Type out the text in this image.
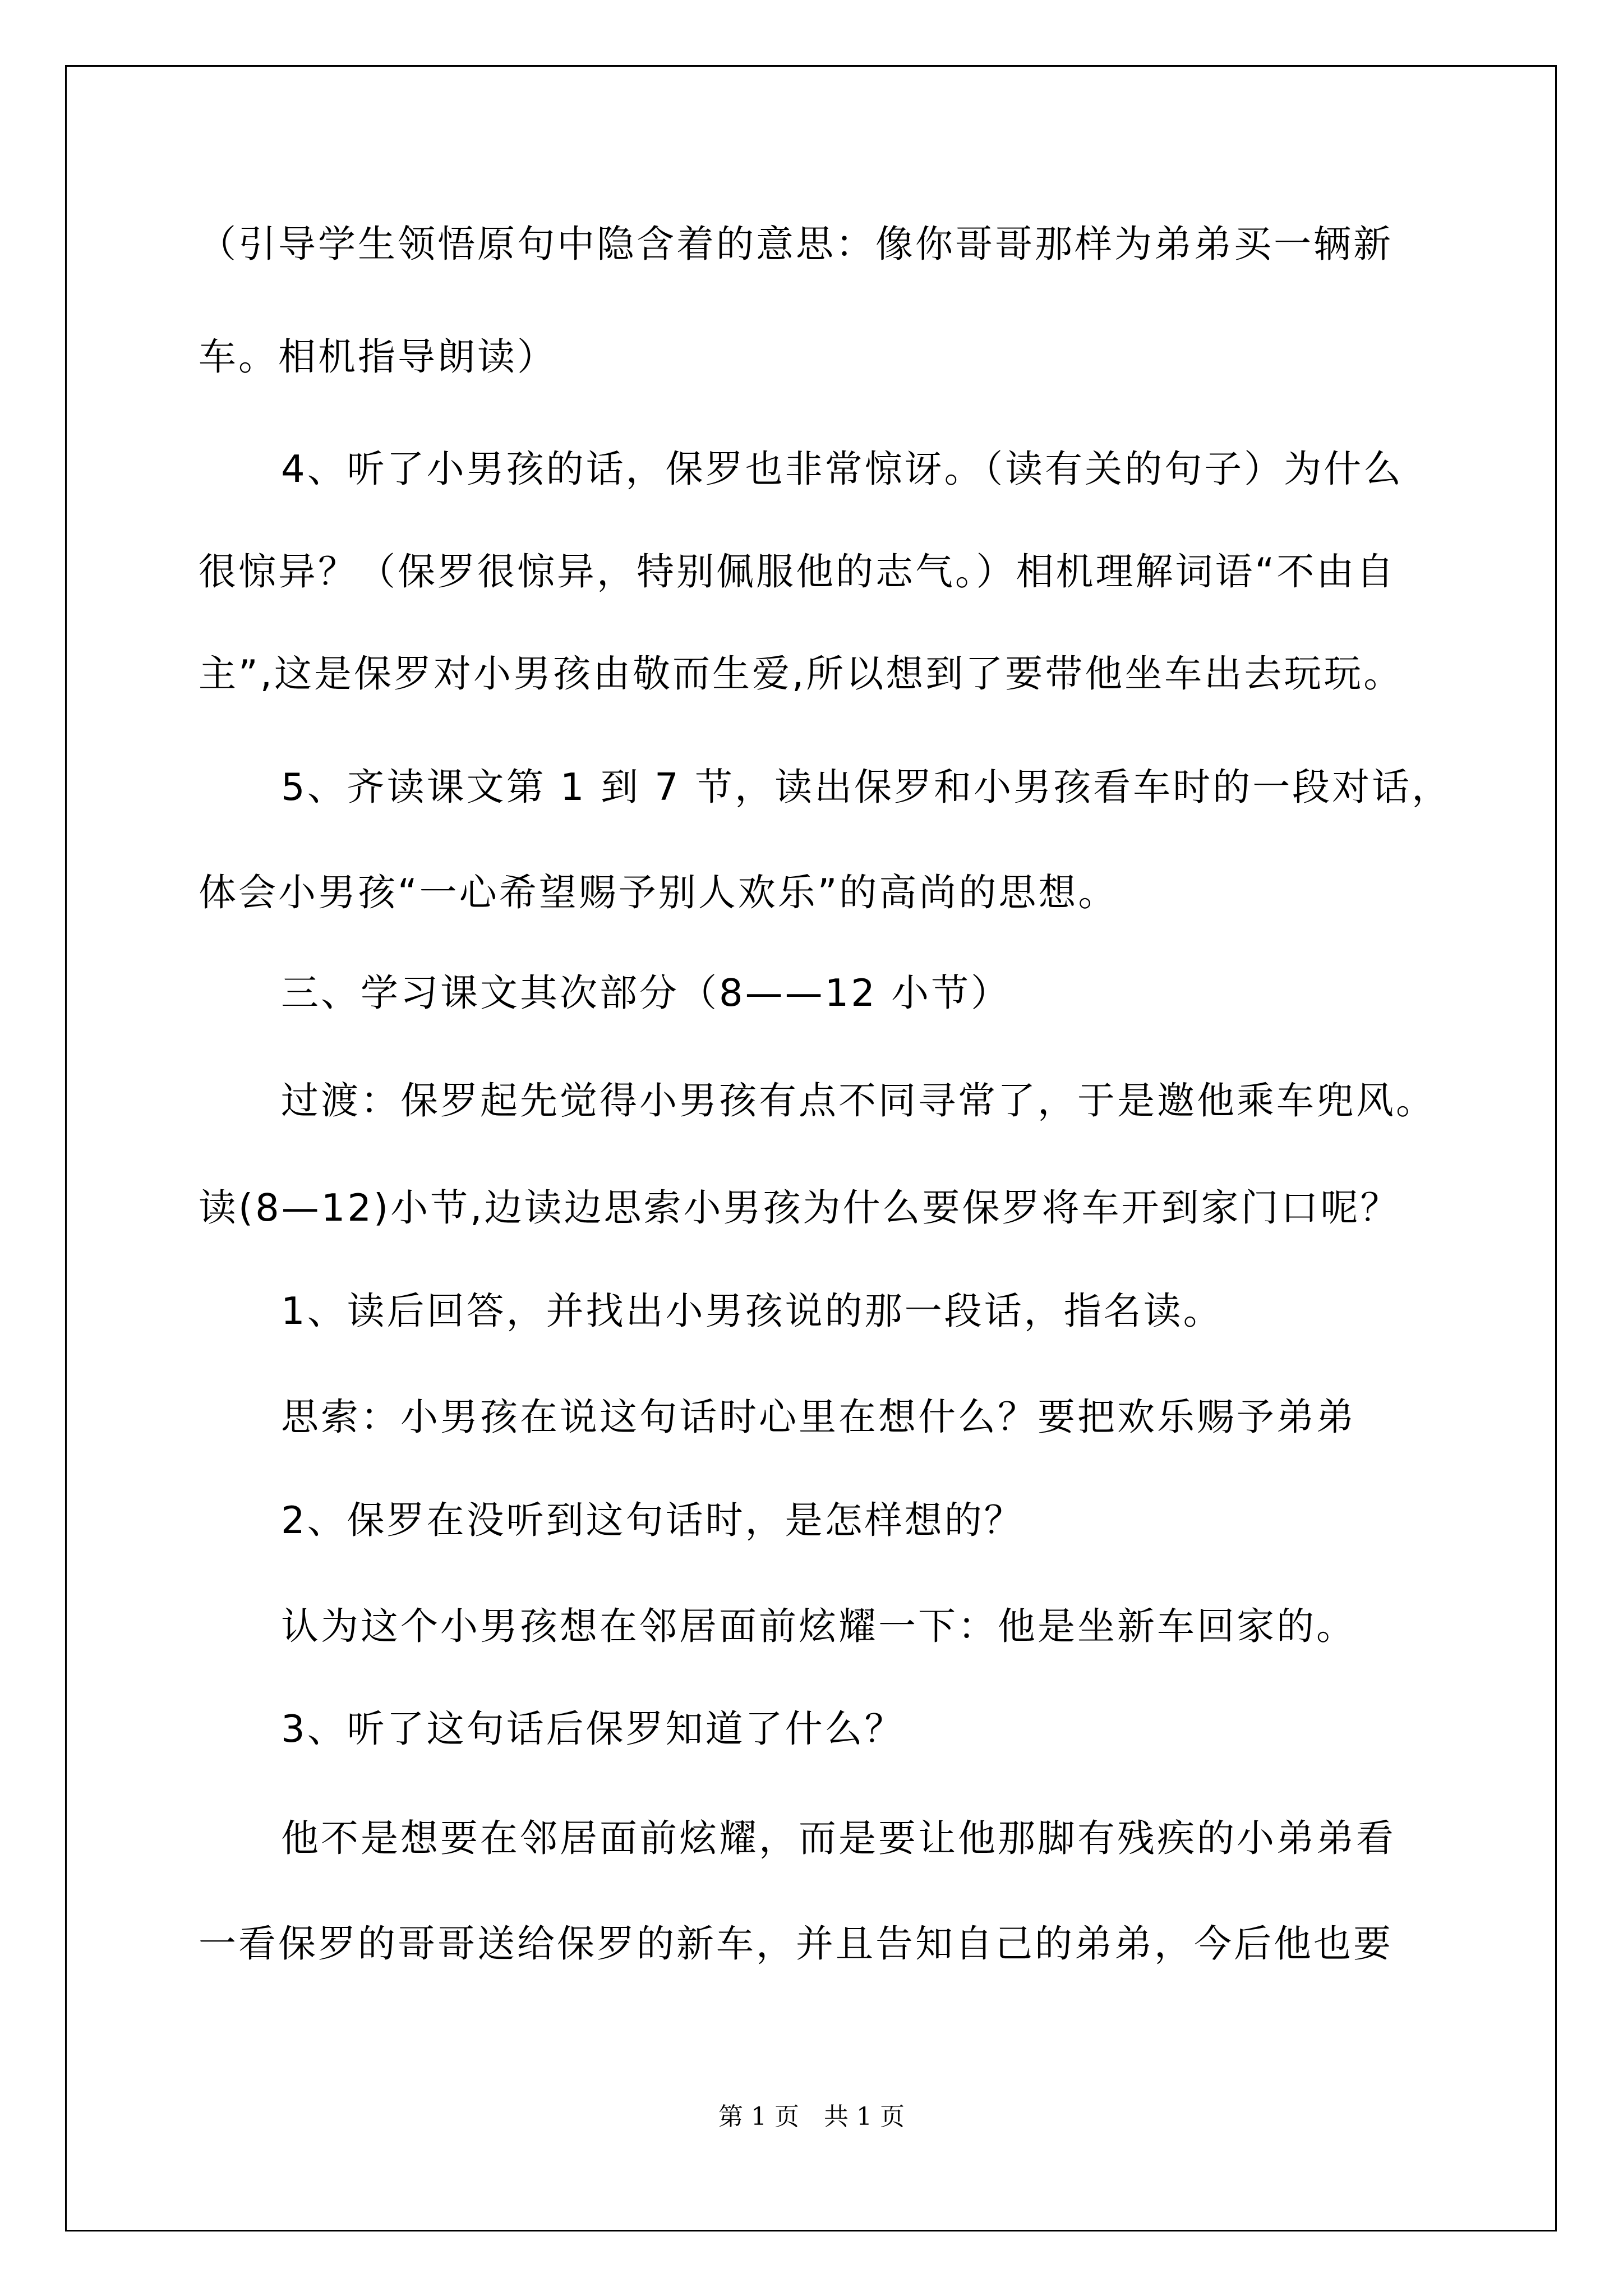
（引导学生领悟原句中隐含着的意思：像你哥哥那样为弟弟买一辆新
车。相机指导朗读）
4、听了小男孩的话，保罗也非常惊讶。（读有关的句子）为什么
很惊异？（保罗很惊异，特别佩服他的志气。）相机理解词语“不由自
主”,这是保罗对小男孩由敬而生爱,所以想到了要带他坐车出去玩玩。
5、齐读课文第 1 到 7 节，读出保罗和小男孩看车时的一段对话，
体会小男孩“一心希望赐予别人欢乐”的高尚的思想。
三、学习课文其次部分（8——12 小节）
过渡：保罗起先觉得小男孩有点不同寻常了，于是邀他乘车兜风。
读(8—12)小节,边读边思索小男孩为什么要保罗将车开到家门口呢？
1、读后回答，并找出小男孩说的那一段话，指名读。
思索：小男孩在说这句话时心里在想什么？要把欢乐赐予弟弟
2、保罗在没听到这句话时，是怎样想的？
认为这个小男孩想在邻居面前炫耀一下：他是坐新车回家的。
3、听了这句话后保罗知道了什么？
他不是想要在邻居面前炫耀，而是要让他那脚有残疾的小弟弟看
一看保罗的哥哥送给保罗的新车，并且告知自己的弟弟，今后他也要
第 1 页　共 1 页
